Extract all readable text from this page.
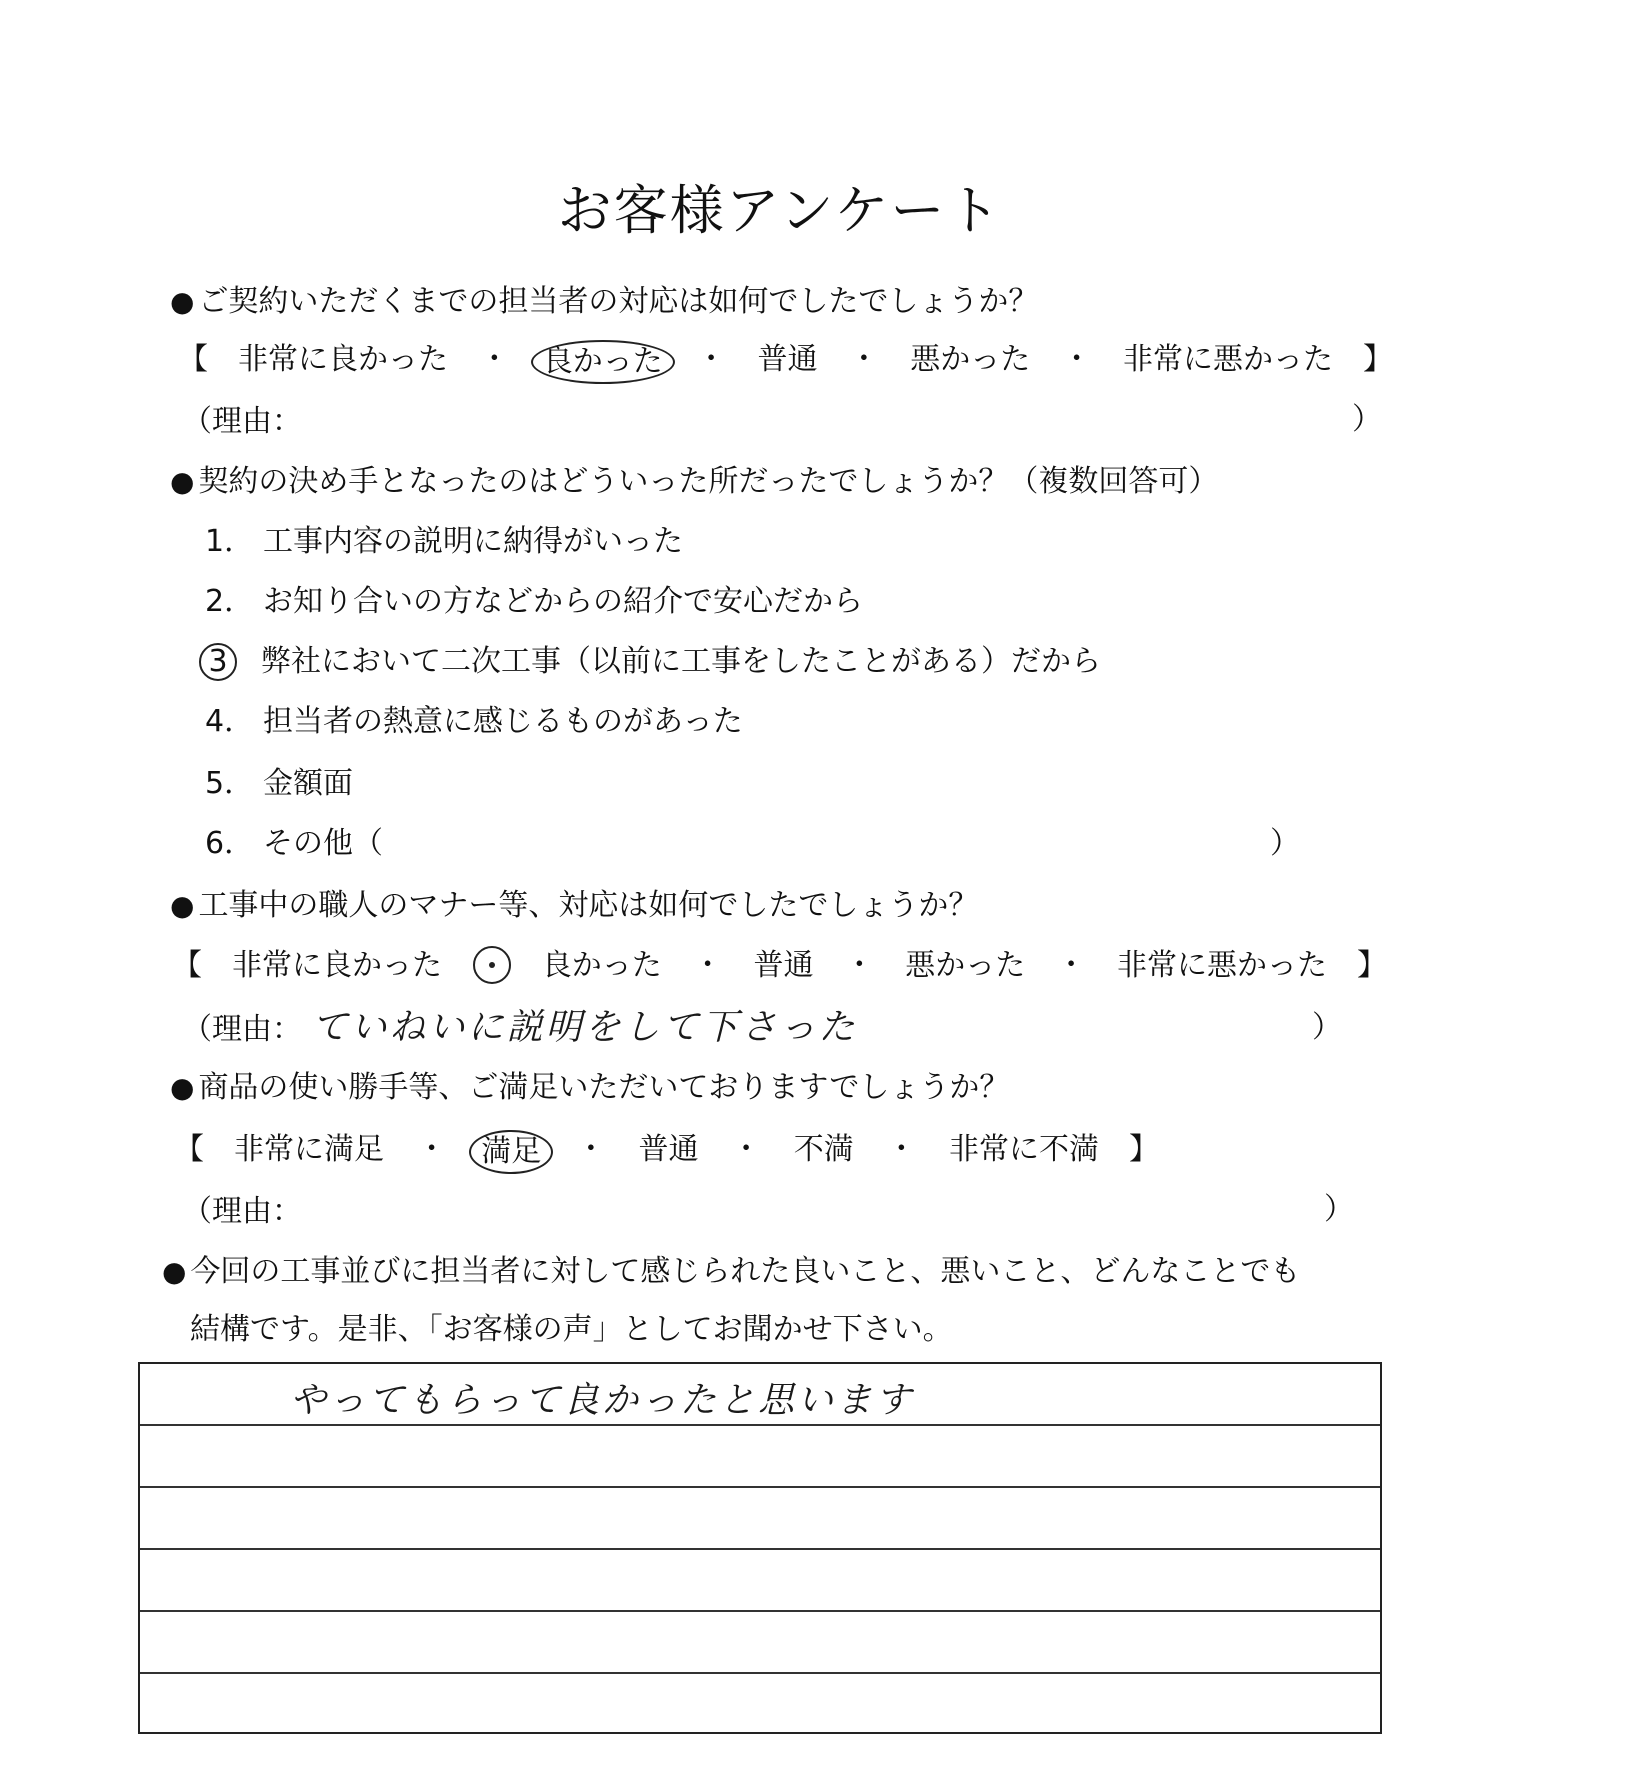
お客様アンケート
● ご契約いただくまでの担当者の対応は如何でしたでしょうか？
【　非常に良かった ・	良かった	・ 普通 ・ 悪かった ・ 非常に悪かった　】
（理由：	）
● 契約の決め手となったのはどういった所だったでしょうか？（複数回答可）
1． 工事内容の説明に納得がいった
2． お知り合いの方などからの紹介で安心だから
3 弊社において二次工事（以前に工事をしたことがある）だから
4． 担当者の熱意に感じるものがあった
5． 金額面
6． その他（	）
● 工事中の職人のマナー等、対応は如何でしたでしょうか？
【　非常に良かった	良かった ・ 普通 ・ 悪かった ・ 非常に悪かった　】
（理由： ていねいに説明をして下さった	）
● 商品の使い勝手等、ご満足いただいておりますでしょうか？
【　非常に満足 ・	満足	・ 普通 ・ 不満 ・ 非常に不満　】
（理由：	）
● 今回の工事並びに担当者に対して感じられた良いこと、悪いこと、どんなことでも
結構です。是非、「お客様の声」としてお聞かせ下さい。
やってもらって良かったと思います
